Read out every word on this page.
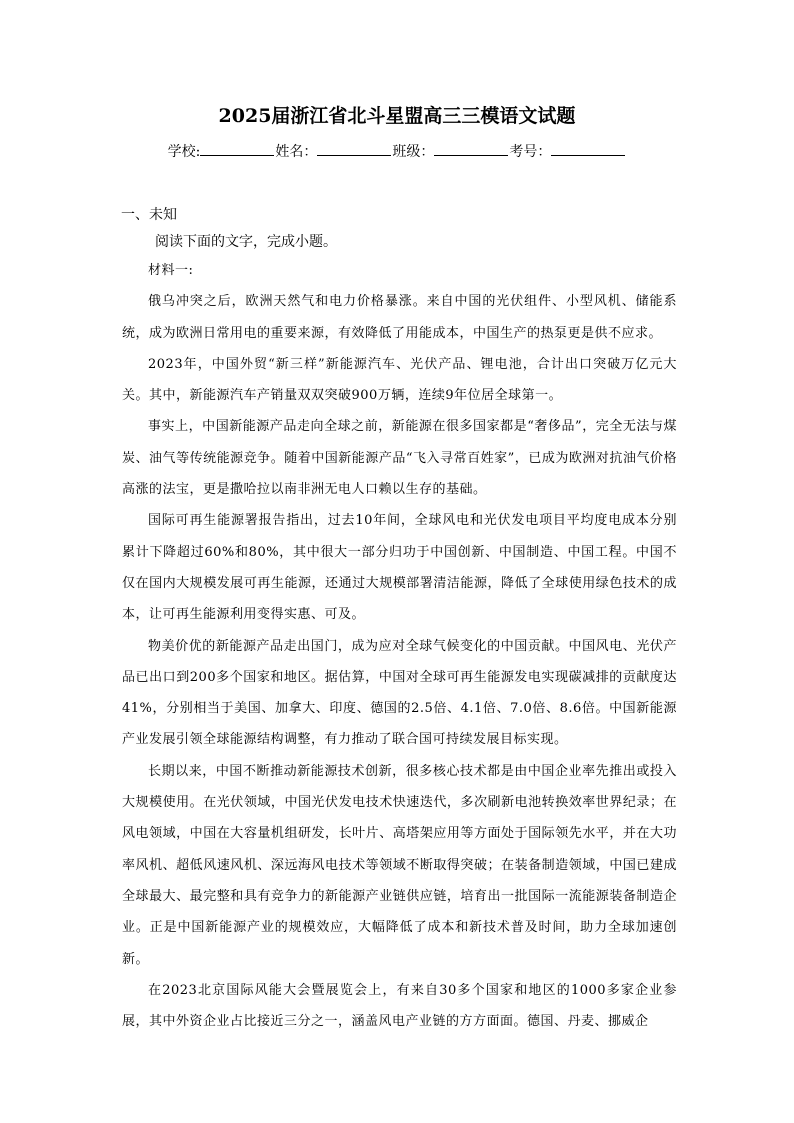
2025届浙江省北斗星盟高三三模语文试题
学校:	姓名：	班级：	考号：
一、未知
阅读下面的文字，完成小题。

材料一:

俄乌冲突之后，欧洲天然气和电力价格暴涨。来自中国的光伏组件、小型风机、储能系统，成为欧洲日常用电的重要来源，有效降低了用能成本，中国生产的热泵更是供不应求。

2023年，中国外贸“新三样”新能源汽车、光伏产品、锂电池，合计出口突破万亿元大关。其中，新能源汽车产销量双双突破900万辆，连续9年位居全球第一。

事实上，中国新能源产品走向全球之前，新能源在很多国家都是“奢侈品”，完全无法与煤炭、油气等传统能源竞争。随着中国新能源产品“飞入寻常百姓家”，已成为欧洲对抗油气价格高涨的法宝，更是撒哈拉以南非洲无电人口赖以生存的基础。

国际可再生能源署报告指出，过去10年间，全球风电和光伏发电项目平均度电成本分别累计下降超过60%和80%，其中很大一部分归功于中国创新、中国制造、中国工程。中国不仅在国内大规模发展可再生能源，还通过大规模部署清洁能源，降低了全球使用绿色技术的成本，让可再生能源利用变得实惠、可及。

物美价优的新能源产品走出国门，成为应对全球气候变化的中国贡献。中国风电、光伏产品已出口到200多个国家和地区。据估算，中国对全球可再生能源发电实现碳减排的贡献度达41%，分别相当于美国、加拿大、印度、德国的2.5倍、4.1倍、7.0倍、8.6倍。中国新能源产业发展引领全球能源结构调整，有力推动了联合国可持续发展目标实现。

长期以来，中国不断推动新能源技术创新，很多核心技术都是由中国企业率先推出或投入大规模使用。在光伏领域，中国光伏发电技术快速迭代，多次刷新电池转换效率世界纪录；在风电领域，中国在大容量机组研发，长叶片、高塔架应用等方面处于国际领先水平，并在大功率风机、超低风速风机、深远海风电技术等领域不断取得突破；在装备制造领域，中国已建成全球最大、最完整和具有竞争力的新能源产业链供应链，培育出一批国际一流能源装备制造企业。正是中国新能源产业的规模效应，大幅降低了成本和新技术普及时间，助力全球加速创新。

在2023北京国际风能大会暨展览会上，有来自30多个国家和地区的1000多家企业参展，其中外资企业占比接近三分之一，涵盖风电产业链的方方面面。德国、丹麦、挪威企
